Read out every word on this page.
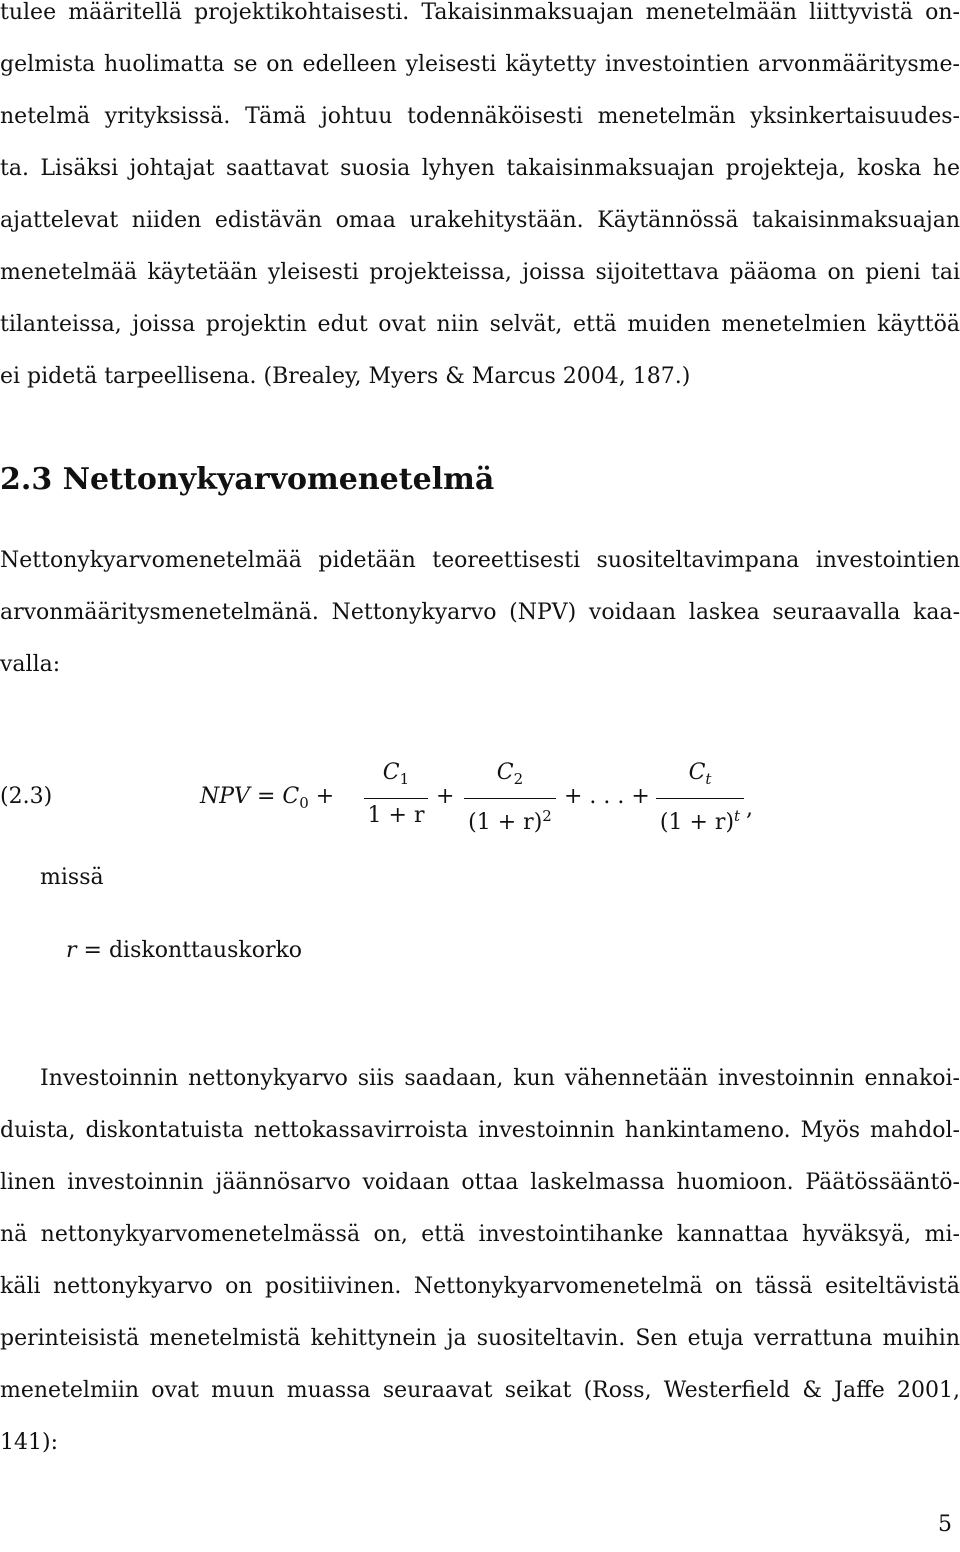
tulee määritellä projektikohtaisesti. Takaisinmaksuajan menetelmään liittyvistä on-
gelmista huolimatta se on edelleen yleisesti käytetty investointien arvonmääritysme-
netelmä yrityksissä. Tämä johtuu todennäköisesti menetelmän yksinkertaisuudes-
ta. Lisäksi johtajat saattavat suosia lyhyen takaisinmaksuajan projekteja, koska he
ajattelevat niiden edistävän omaa urakehitystään. Käytännössä takaisinmaksuajan
menetelmää käytetään yleisesti projekteissa, joissa sijoitettava pääoma on pieni tai
tilanteissa, joissa projektin edut ovat niin selvät, että muiden menetelmien käyttöä
ei pidetä tarpeellisena. (Brealey, Myers & Marcus 2004, 187.)
2.3 Nettonykyarvomenetelmä
Nettonykyarvomenetelmää pidetään teoreettisesti suositeltavimpana investointien
arvonmääritysmenetelmänä. Nettonykyarvo (NPV) voidaan laskea seuraavalla kaa-
valla:
(2.3)	NPV = $C_0$ +
$C_1$
1 + r
+
$C_2$
$(1 + r)^2$
+ . . . +
$C_t$
$(1 + r)^t$ ,
missä
r = diskonttauskorko
Investoinnin nettonykyarvo siis saadaan, kun vähennetään investoinnin ennakoi-
duista, diskontatuista nettokassavirroista investoinnin hankintameno. Myös mahdol-
linen investoinnin jäännösarvo voidaan ottaa laskelmassa huomioon. Päätössääntö-
nä nettonykyarvomenetelmässä on, että investointihanke kannattaa hyväksyä, mi-
käli nettonykyarvo on positiivinen. Nettonykyarvomenetelmä on tässä esiteltävistä
perinteisistä menetelmistä kehittynein ja suositeltavin. Sen etuja verrattuna muihin
menetelmiin ovat muun muassa seuraavat seikat (Ross, Westerfield & Jaffe 2001,
141):
5
